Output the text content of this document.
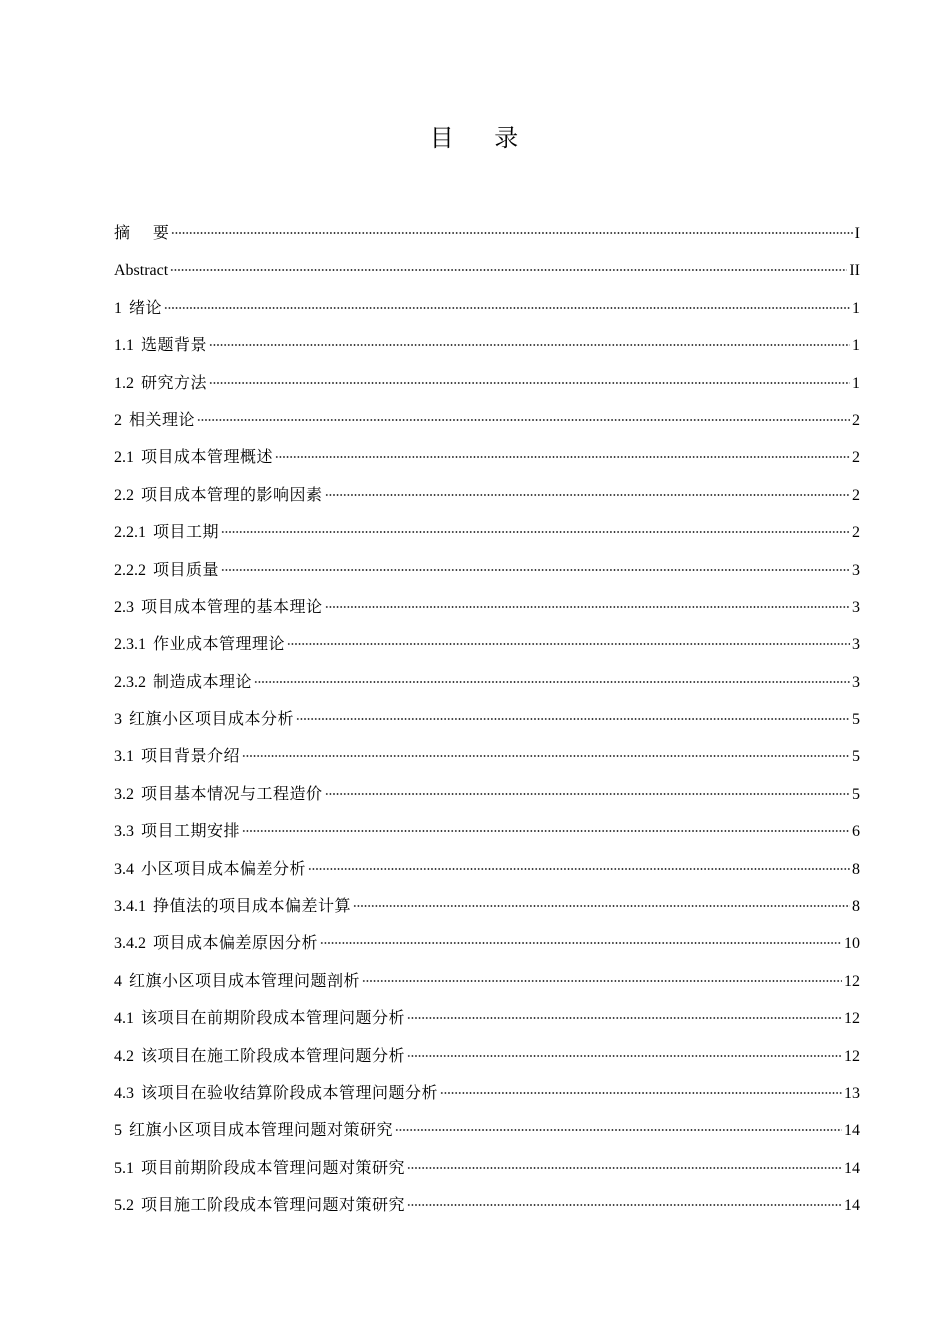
目    录
摘    要	I
Abstract	II
1 绪论	1
1.1 选题背景	1
1.2 研究方法	1
2 相关理论	2
2.1 项目成本管理概述	2
2.2 项目成本管理的影响因素	2
2.2.1 项目工期	2
2.2.2 项目质量	3
2.3 项目成本管理的基本理论	3
2.3.1 作业成本管理理论	3
2.3.2 制造成本理论	3
3 红旗小区项目成本分析	5
3.1 项目背景介绍	5
3.2 项目基本情况与工程造价	5
3.3 项目工期安排	6
3.4 小区项目成本偏差分析	8
3.4.1 挣值法的项目成本偏差计算	8
3.4.2 项目成本偏差原因分析	10
4 红旗小区项目成本管理问题剖析	12
4.1 该项目在前期阶段成本管理问题分析	12
4.2 该项目在施工阶段成本管理问题分析	12
4.3 该项目在验收结算阶段成本管理问题分析	13
5 红旗小区项目成本管理问题对策研究	14
5.1 项目前期阶段成本管理问题对策研究	14
5.2 项目施工阶段成本管理问题对策研究	14
